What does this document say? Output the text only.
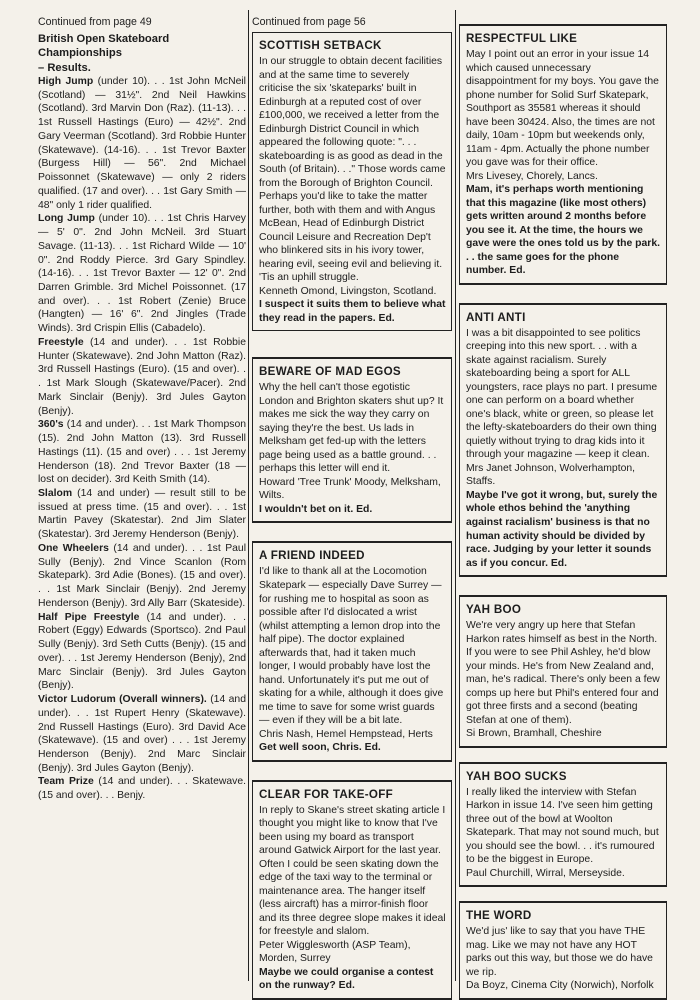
Continued from page 49
British Open Skateboard Championships
– Results.

High Jump (under 10). . . 1st John McNeil (Scotland) — 31½". 2nd Neil Hawkins (Scotland). 3rd Marvin Don (Raz). (11-13). . . 1st Russell Hastings (Euro) — 42½". 2nd Gary Veerman (Scotland). 3rd Robbie Hunter (Skatewave). (14-16). . . 1st Trevor Baxter (Burgess Hill) — 56". 2nd Michael Poissonnet (Skatewave) — only 2 riders qualified. (17 and over). . . 1st Gary Smith — 48" only 1 rider qualified.

Long Jump (under 10). . . 1st Chris Harvey — 5' 0". 2nd John McNeil. 3rd Stuart Savage. (11-13). . . 1st Richard Wilde — 10' 0". 2nd Roddy Pierce. 3rd Gary Spindley. (14-16). . . 1st Trevor Baxter — 12' 0". 2nd Darren Grimble. 3rd Michel Poissonnet. (17 and over). . . 1st Robert (Zenie) Bruce (Hangten) — 16' 6". 2nd Jingles (Trade Winds). 3rd Crispin Ellis (Cabadelo).

Freestyle (14 and under). . . 1st Robbie Hunter (Skatewave). 2nd John Matton (Raz). 3rd Russell Hastings (Euro). (15 and over). . . 1st Mark Slough (Skatewave/Pacer). 2nd Mark Sinclair (Benjy). 3rd Jules Gayton (Benjy).

360's (14 and under). . . 1st Mark Thompson (15). 2nd John Matton (13). 3rd Russell Hastings (11). (15 and over) . . . 1st Jeremy Henderson (18). 2nd Trevor Baxter (18 — lost on decider). 3rd Keith Smith (14).

Slalom (14 and under) — result still to be issued at press time. (15 and over). . . 1st Martin Pavey (Skatestar). 2nd Jim Slater (Skatestar). 3rd Jeremy Henderson (Benjy).

One Wheelers (14 and under). . . 1st Paul Sully (Benjy). 2nd Vince Scanlon (Rom Skatepark). 3rd Adie (Bones). (15 and over). . . 1st Mark Sinclair (Benjy). 2nd Jeremy Henderson (Benjy). 3rd Ally Barr (Skateside).

Half Pipe Freestyle (14 and under). . . Robert (Eggy) Edwards (Sportsco). 2nd Paul Sully (Benjy). 3rd Seth Cutts (Benjy). (15 and over). . . 1st Jeremy Henderson (Benjy), 2nd Marc Sinclair (Benjy). 3rd Jules Gayton (Benjy).

Victor Ludorum (Overall winners). (14 and under). . . 1st Rupert Henry (Skatewave). 2nd Russell Hastings (Euro). 3rd David Ace (Skatewave). (15 and over) . . . 1st Jeremy Henderson (Benjy). 2nd Marc Sinclair (Benjy). 3rd Jules Gayton (Benjy).

Team Prize (14 and under). . . Skatewave. (15 and over). . . Benjy.

Continued from page 56
SCOTTISH SETBACK
In our struggle to obtain decent facilities and at the same time to severely criticise the six 'skateparks' built in Edinburgh at a reputed cost of over £100,000, we received a letter from the Edinburgh District Council in which appeared the following quote: ". . . skateboarding is as good as dead in the South (of Britain). . ." Those words came from the Borough of Brighton Council. Perhaps you'd like to take the matter further, both with them and with Angus McBean, Head of Edinburgh District Council Leisure and Recreation Dep't who blinkered sits in his ivory tower, hearing evil, seeing evil and believing it. 'Tis an uphill struggle.
Kenneth Omond, Livingston, Scotland.
I suspect it suits them to believe what they read in the papers. Ed.
BEWARE OF MAD EGOS
Why the hell can't those egotistic London and Brighton skaters shut up? It makes me sick the way they carry on saying they're the best. Us lads in Melksham get fed-up with the letters page being used as a battle ground. . . perhaps this letter will end it.
Howard 'Tree Trunk' Moody, Melksham, Wilts.
I wouldn't bet on it. Ed.
A FRIEND INDEED
I'd like to thank all at the Locomotion Skatepark — especially Dave Surrey — for rushing me to hospital as soon as possible after I'd dislocated a wrist (whilst attempting a lemon drop into the half pipe). The doctor explained afterwards that, had it taken much longer, I would probably have lost the hand. Unfortunately it's put me out of skating for a while, although it does give me time to save for some wrist guards — even if they will be a bit late.
Chris Nash, Hemel Hempstead, Herts
Get well soon, Chris. Ed.
CLEAR FOR TAKE-OFF
In reply to Skane's street skating article I thought you might like to know that I've been using my board as transport around Gatwick Airport for the last year. Often I could be seen skating down the edge of the taxi way to the terminal or maintenance area. The hanger itself (less aircraft) has a mirror-finish floor and its three degree slope makes it ideal for freestyle and slalom.
Peter Wigglesworth (ASP Team), Morden, Surrey
Maybe we could organise a contest on the runway? Ed.
RESPECTFUL LIKE
May I point out an error in your issue 14 which caused unnecessary disappointment for my boys. You gave the phone number for Solid Surf Skatepark, Southport as 35581 whereas it should have been 30424. Also, the times are not daily, 10am - 10pm but weekends only, 11am - 4pm. Actually the phone number you gave was for their office.
Mrs Livesey, Chorely, Lancs.
Mam, it's perhaps worth mentioning that this magazine (like most others) gets written around 2 months before you see it. At the time, the hours we gave were the ones told us by the park. . . the same goes for the phone number. Ed.
ANTI ANTI
I was a bit disappointed to see politics creeping into this new sport. . . with a skate against racialism. Surely skateboarding being a sport for ALL youngsters, race plays no part. I presume one can perform on a board whether one's black, white or green, so please let the lefty-skateboarders do their own thing quietly without trying to drag kids into it through your magazine — keep it clean.
Mrs Janet Johnson, Wolverhampton, Staffs.
Maybe I've got it wrong, but, surely the whole ethos behind the 'anything against racialism' business is that no human activity should be divided by race. Judging by your letter it sounds as if you concur. Ed.
YAH BOO
We're very angry up here that Stefan Harkon rates himself as best in the North. If you were to see Phil Ashley, he'd blow your minds. He's from New Zealand and, man, he's radical. There's only been a few comps up here but Phil's entered four and got three firsts and a second (beating Stefan at one of them).
Si Brown, Bramhall, Cheshire
YAH BOO SUCKS
I really liked the interview with Stefan Harkon in issue 14. I've seen him getting three out of the bowl at Woolton Skatepark. That may not sound much, but you should see the bowl. . . it's rumoured to be the biggest in Europe.
Paul Churchill, Wirral, Merseyside.
THE WORD
We'd jus' like to say that you have THE mag. Like we may not have any HOT parks out this way, but those we do have we rip.
Da Boyz, Cinema City (Norwich), Norfolk
